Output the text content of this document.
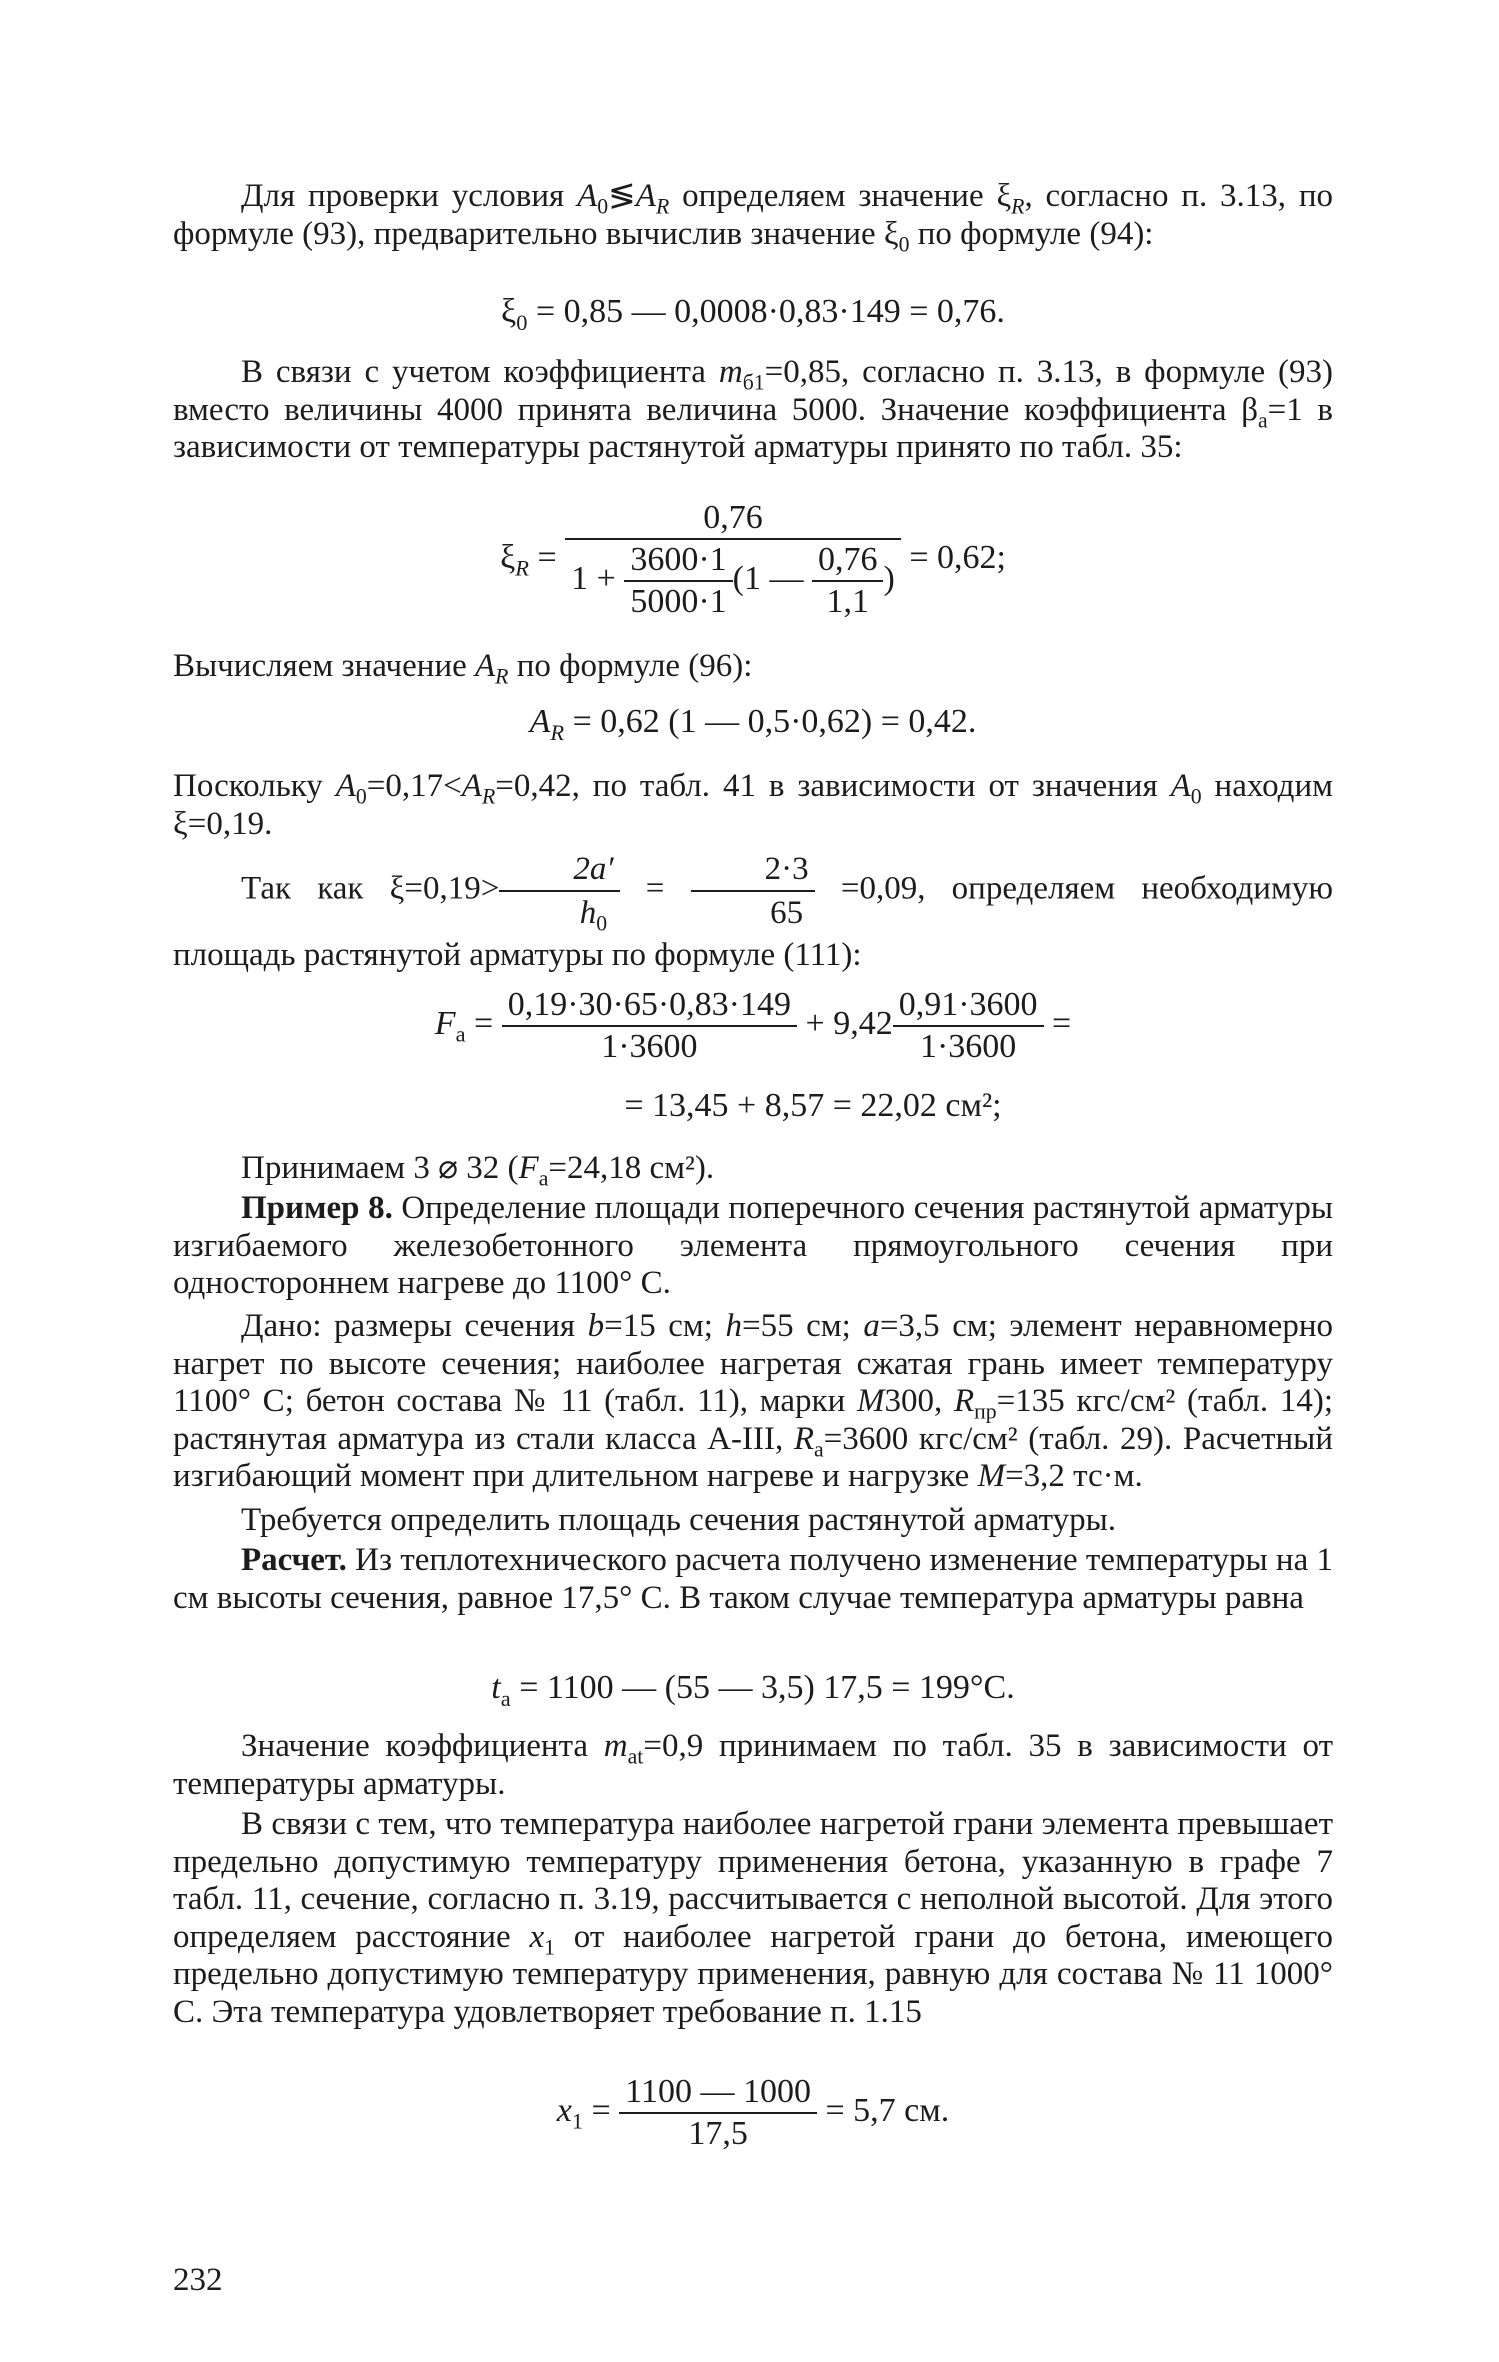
Для проверки условия $A_0≶A_R$ определяем значение $\xi_R$, согласно п. 3.13, по формуле (93), предварительно вычислив значение $\xi_0$ по формуле (94):
$\xi_0 = 0,85$ — 0,0008·0,83·149 = 0,76.
В связи с учетом коэффициента $m_{б1}=0,85$, согласно п. 3.13, в формуле (93) вместо величины 4000 принята величина 5000. Значение коэффициента $\beta_a=1$ в зависимости от температуры растянутой арматуры принято по табл. 35:
$\xi_R = \frac{0,76}{1 + \frac{3600\cdot 1}{5000\cdot 1} (1 — \frac{0,76}{1,1} )} = 0,62$;
Вычисляем значение $A_R$ по формуле (96):
$A_R = 0,62$ (1 — 0,5·0,62) = 0,42.
Поскольку $A_0=0,17<A_R=0,42$, по табл. 41 в зависимости от значения $A_0$ находим ξ=0,19.
Так как $\xi=0,19> \frac{2a'}{h_0} = \frac{2\cdot 3}{65} =0,09$, определяем необходимую площадь растянутой арматуры по формуле (111):
$F_a = \frac{0,19\cdot 30\cdot 65\cdot 0,83\cdot 149}{1\cdot 3600} + 9,42 \frac{0,91\cdot 3600}{1\cdot 3600}$ =
= 13,45 + 8,57 = 22,02 см²;
Принимаем 3 ⌀ 32 ($F_a=24,18$ см²).
Пример 8. Определение площади поперечного сечения растянутой арматуры изгибаемого железобетонного элемента прямоугольного сечения при одностороннем нагреве до 1100° С.
Дано: размеры сечения b=15 см; h=55 см; a=3,5 см; элемент неравномерно нагрет по высоте сечения; наиболее нагретая сжатая грань имеет температуру 1100° С; бетон состава № 11 (табл. 11), марки М300, $R_{пр}=135$ кгс/см² (табл. 14); растянутая арматура из стали класса A-III, $R_a=3600$ кгс/см² (табл. 29). Расчетный изгибающий момент при длительном нагреве и нагрузке M=3,2 тс·м.
Требуется определить площадь сечения растянутой арматуры.
Расчет. Из теплотехнического расчета получено изменение температуры на 1 см высоты сечения, равное 17,5° С. В таком случае температура арматуры равна
$t_a = 1100$ — (55 — 3,5) 17,5 = 199°С.
Значение коэффициента $m_{at}=0,9$ принимаем по табл. 35 в зависимости от температуры арматуры.
В связи с тем, что температура наиболее нагретой грани элемента превышает предельно допустимую температуру применения бетона, указанную в графе 7 табл. 11, сечение, согласно п. 3.19, рассчитывается с неполной высотой. Для этого определяем расстояние $x_1$ от наиболее нагретой грани до бетона, имеющего предельно допустимую температуру применения, равную для состава № 11 1000° С. Эта температура удовлетворяет требование п. 1.15
$x_1 = \frac{1100 — 1000}{17,5} = 5,7$ см.
232
